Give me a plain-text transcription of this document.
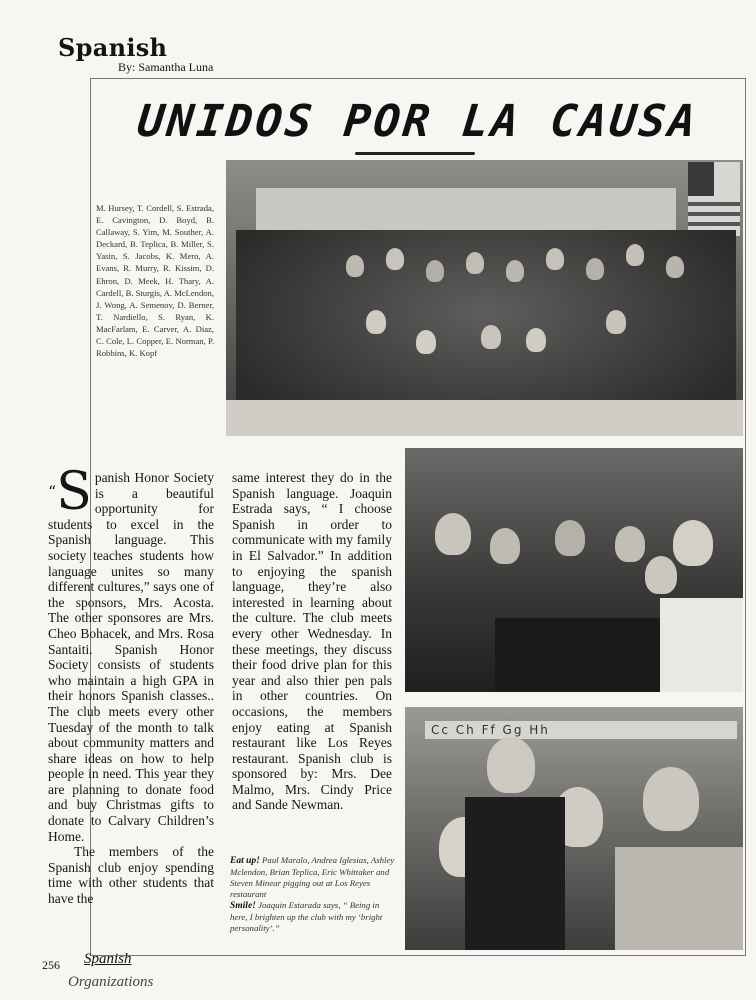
Spanish
By: Samantha Luna
UNIDOS POR LA CAUSA
M. Hursey, T. Cordell, S. Estrada, E. Cavington, D. Boyd, B. Callaway, S. Yim, M. Souther, A. Deckard, B. Teplica, B. Miller, S. Yasin, S. Jacobs, K. Mero, A. Evans, R. Murry, R. Kissim, D. Ehron, D. Meek, H. Thary, A. Cardell, B. Sturgis, A. McLendon, J. Wong, A. Semenov, D. Berner, T. Nardiello, S. Ryan, K. MacFarlam, E. Carver, A. Diaz, C. Cole, L. Copper, E. Norman, P. Robbins, K. Kopf
Cc Ch Ff Gg Hh

“S panish Honor Society is a beautiful opportunity for students to excel in the Spanish language. This society teaches students how language unites so many different cultures,” says one of the sponsors, Mrs. Acosta. The other sponsores are Mrs. Cheo Bohacek, and Mrs. Rosa Santaiti. Spanish Honor Society consists of students who maintain a high GPA in their honors Spanish classes.. The club meets every other Tuesday of the month to talk about community matters and share ideas on how to help people in need. This year they are planning to donate food and buy Christmas gifts to donate to Calvary Children’s Home.

The members of the Spanish club enjoy spending time with other students that have the

same interest they do in the Spanish language. Joaquin Estrada says, “ I choose Spanish in order to communicate with my family in El Salvador.” In addition to enjoying the spanish language, they’re also interested in learning about the culture. The club meets every other Wednesday. In these meetings, they discuss their food drive plan for this year and also thier pen pals in other countries. On occasions, the members enjoy eating at Spanish restaurant like Los Reyes restaurant. Spanish club is sponsored by: Mrs. Dee Malmo, Mrs. Cindy Price and Sande Newman.

Eat up! Paul Maralo, Andrea Iglesias, Ashley Mclendon, Brian Teplica, Eric Whittaker and Steven Minear pigging out at Los Reyes restaurant
Smile! Joaquin Estarada says, “ Being in here, I brighten up the club with my ‘bright personality’.”
256 Spanish
Organizations
